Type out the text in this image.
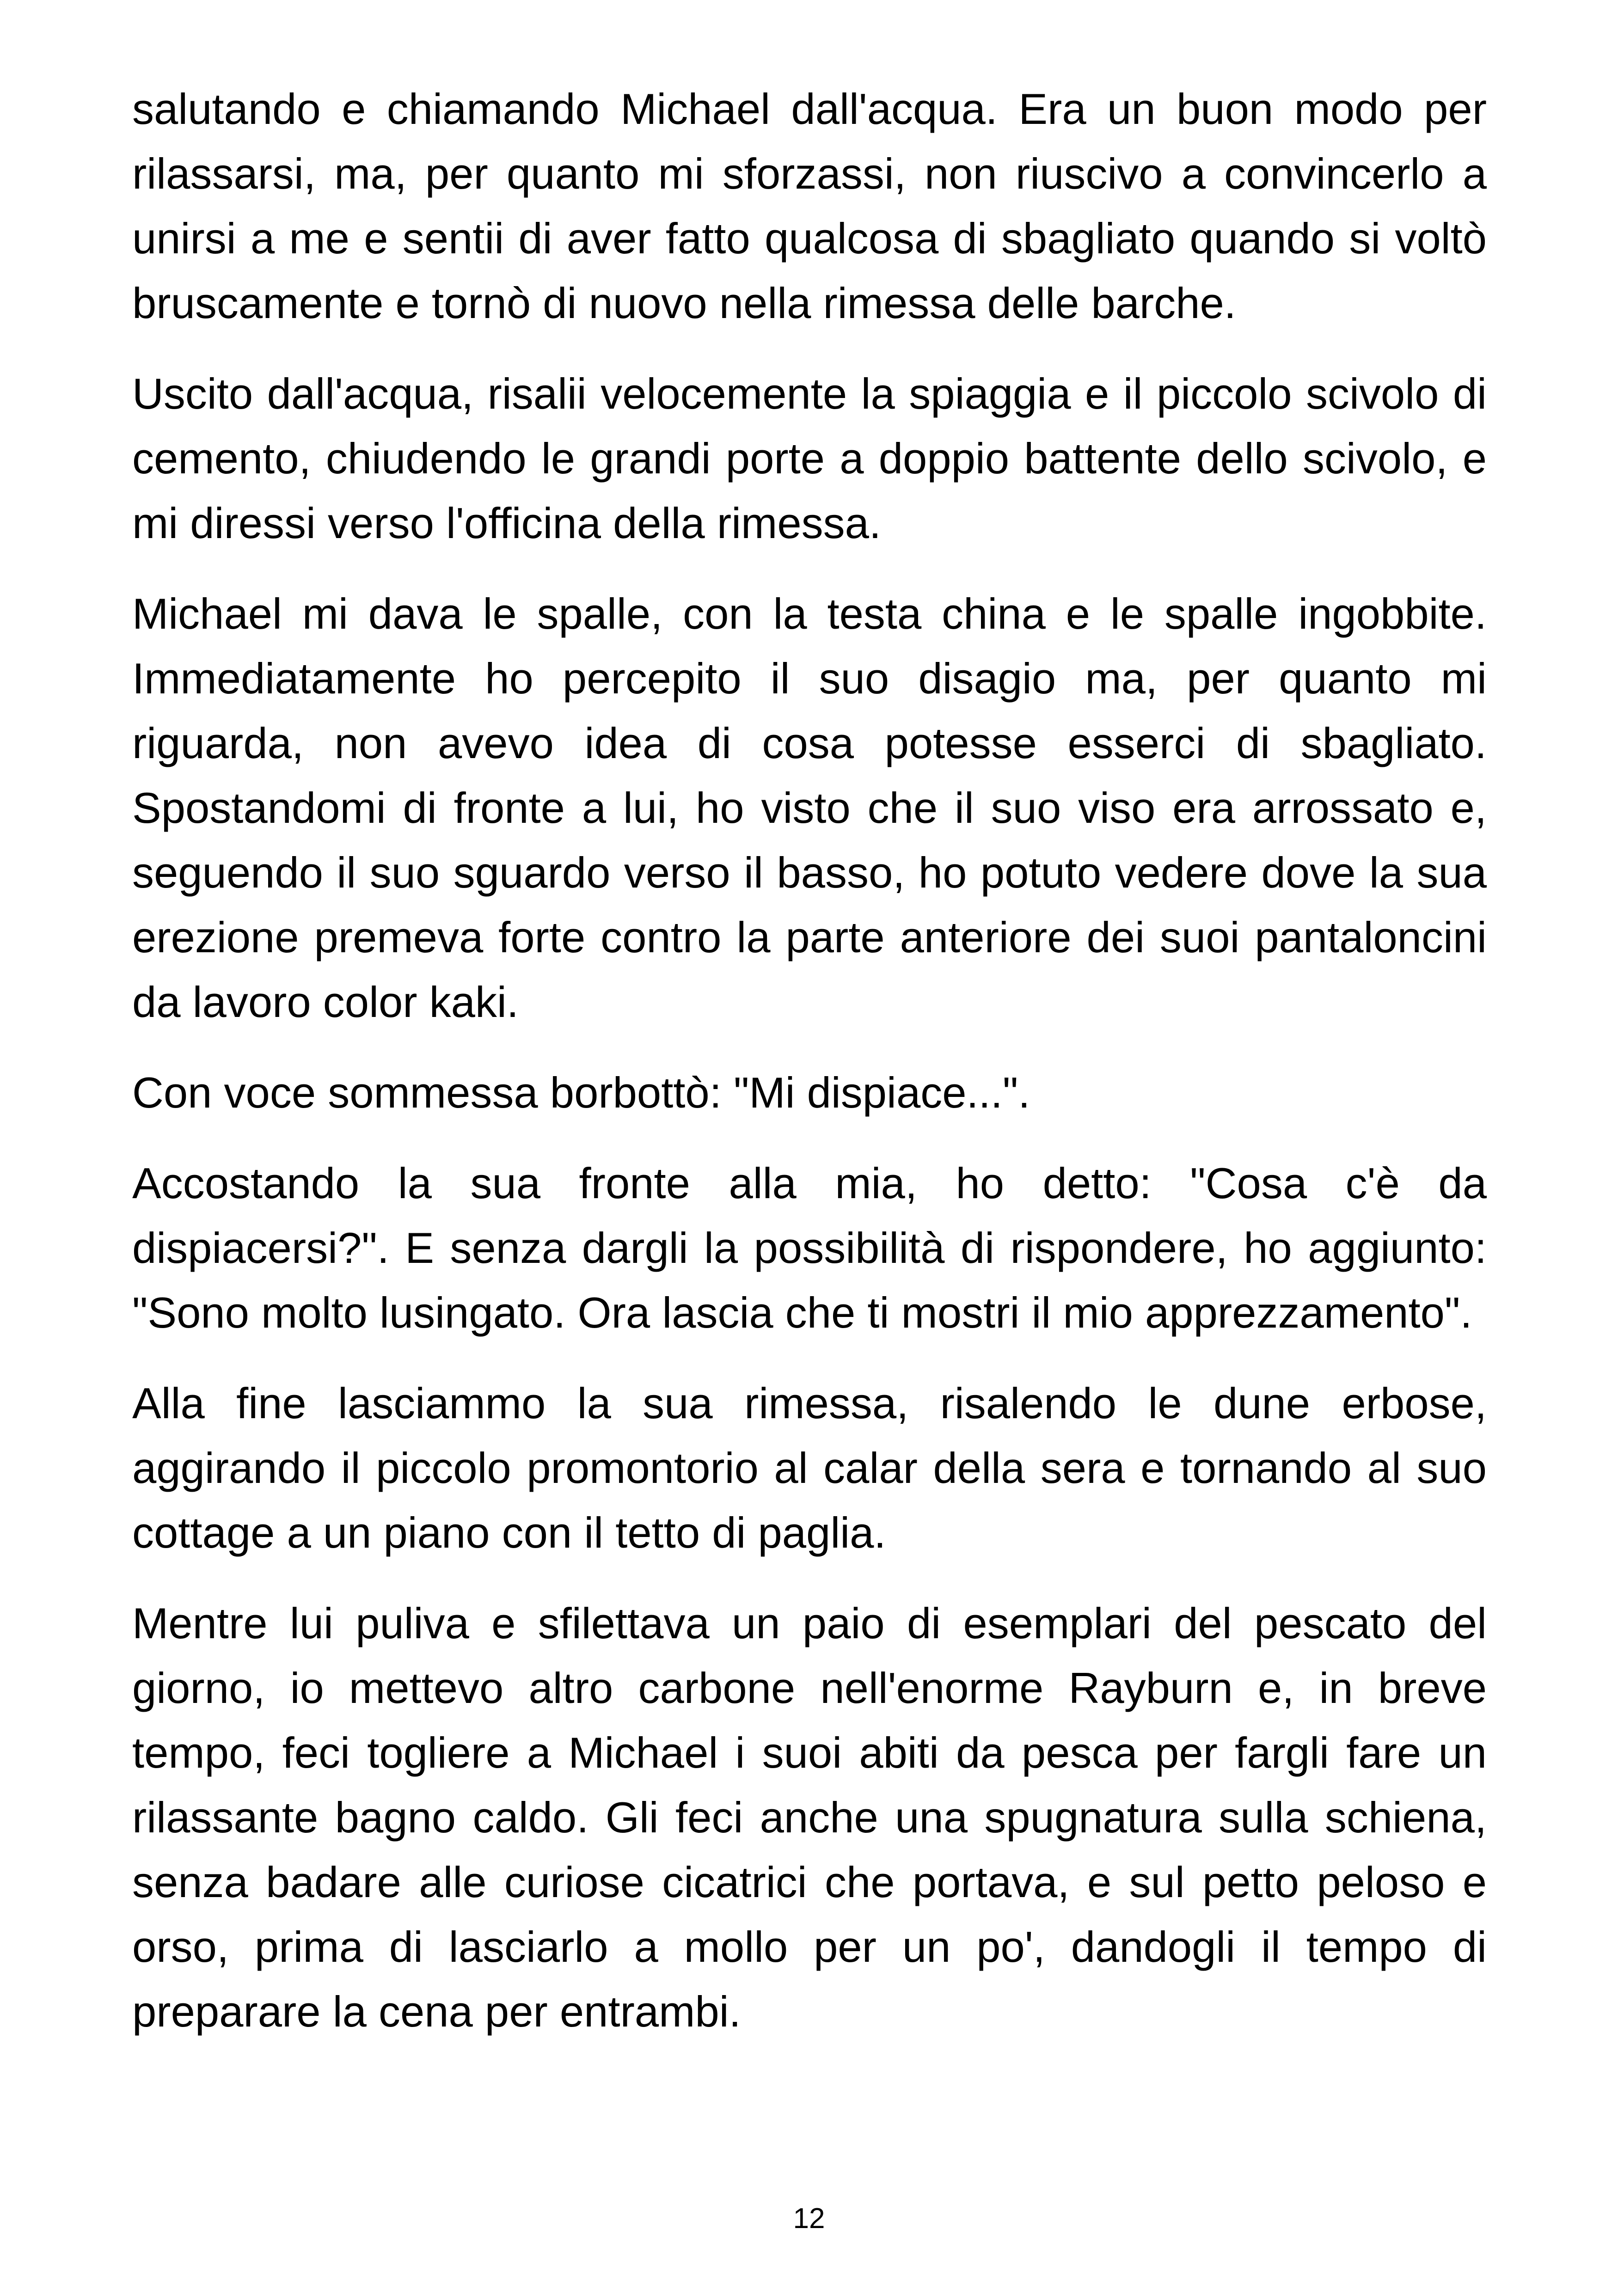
salutando e chiamando Michael dall'acqua. Era un buon modo per rilassarsi, ma, per quanto mi sforzassi, non riuscivo a convincerlo a unirsi a me e sentii di aver fatto qualcosa di sbagliato quando si voltò bruscamente e tornò di nuovo nella rimessa delle barche.

Uscito dall'acqua, risalii velocemente la spiaggia e il piccolo scivolo di cemento, chiudendo le grandi porte a doppio battente dello scivolo, e mi diressi verso l'officina della rimessa.

Michael mi dava le spalle, con la testa china e le spalle ingobbite. Immediatamente ho percepito il suo disagio ma, per quanto mi riguarda, non avevo idea di cosa potesse esserci di sbagliato. Spostandomi di fronte a lui, ho visto che il suo viso era arrossato e, seguendo il suo sguardo verso il basso, ho potuto vedere dove la sua erezione premeva forte contro la parte anteriore dei suoi pantaloncini da lavoro color kaki.

Con voce sommessa borbottò: "Mi dispiace...".

Accostando la sua fronte alla mia, ho detto: "Cosa c'è da dispiacersi?". E senza dargli la possibilità di rispondere, ho aggiunto: "Sono molto lusingato. Ora lascia che ti mostri il mio apprezzamento".

Alla fine lasciammo la sua rimessa, risalendo le dune erbose, aggirando il piccolo promontorio al calar della sera e tornando al suo cottage a un piano con il tetto di paglia.

Mentre lui puliva e sfilettava un paio di esemplari del pescato del giorno, io mettevo altro carbone nell'enorme Rayburn e, in breve tempo, feci togliere a Michael i suoi abiti da pesca per fargli fare un rilassante bagno caldo. Gli feci anche una spugnatura sulla schiena, senza badare alle curiose cicatrici che portava, e sul petto peloso e orso, prima di lasciarlo a mollo per un po', dandogli il tempo di preparare la cena per entrambi.

12
